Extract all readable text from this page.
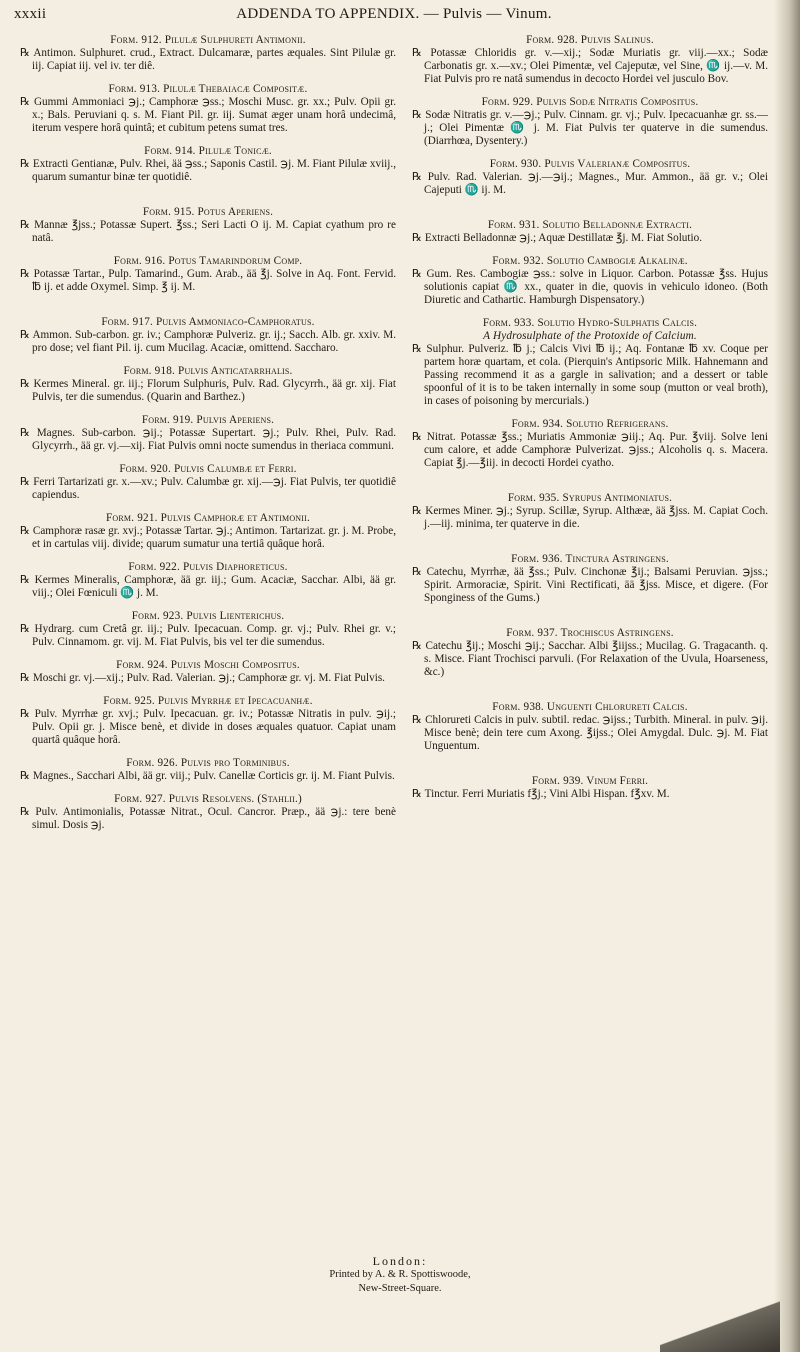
ADDENDA TO APPENDIX. — Pulvis — Vinum.
xxxii
Form. 912. Pilulæ Sulphureti Antimonii.
℞ Antimon. Sulphuret. crud., Extract. Dulcamaræ, partes æquales. Sint Pilulæ gr. iij. Capiat iij. vel iv. ter diê.
Form. 913. Pilulæ Thebaiacæ Compositæ.
℞ Gummi Ammoniaci ℈j.; Camphoræ ℈ss.; Moschi Musc. gr. xx.; Pulv. Opii gr. x.; Bals. Peruviani q. s. M. Fiant Pil. gr. iij. Sumat æger unam horâ undecimâ, iterum vespere horâ quintâ; et cubitum petens sumat tres.
Form. 914. Pilulæ Tonicæ.
℞ Extracti Gentianæ, Pulv. Rhei, ää ℈ss.; Saponis Castil. ℈j. M. Fiant Pilulæ xviij., quarum sumantur binæ ter quotidiê.
Form. 915. Potus Aperiens.
℞ Mannæ ℥jss.; Potassæ Supert. ℥ss.; Seri Lacti O ij. M. Capiat cyathum pro re natâ.
Form. 916. Potus Tamarindorum Comp.
℞ Potassæ Tartar., Pulp. Tamarind., Gum. Arab., ää ℥j. Solve in Aq. Font. Fervid. ℔ ij. et adde Oxymel. Simp. ℥ ij. M.
Form. 917. Pulvis Ammoniaco-Camphoratus.
℞ Ammon. Sub-carbon. gr. iv.; Camphoræ Pulveriz. gr. ij.; Sacch. Alb. gr. xxiv. M. pro dose; vel fiant Pil. ij. cum Mucilag. Acaciæ, omittend. Saccharo.
Form. 918. Pulvis Anticatarrhalis.
℞ Kermes Mineral. gr. iij.; Florum Sulphuris, Pulv. Rad. Glycyrrh., ää gr. xij. Fiat Pulvis, ter die sumendus. (Quarin and Barthez.)
Form. 919. Pulvis Aperiens.
℞ Magnes. Sub-carbon. ℈ij.; Potassæ Supertart. ℈j.; Pulv. Rhei, Pulv. Rad. Glycyrrh., ää gr. vj.—xij. Fiat Pulvis omni nocte sumendus in theriaca communi.
Form. 920. Pulvis Calumbæ et Ferri.
℞ Ferri Tartarizati gr. x.—xv.; Pulv. Calumbæ gr. xij.—℈j. Fiat Pulvis, ter quotidiê capiendus.
Form. 921. Pulvis Camphoræ et Antimonii.
℞ Camphoræ rasæ gr. xvj.; Potassæ Tartar. ℈j.; Antimon. Tartarizat. gr. j. M. Probe, et in cartulas viij. divide; quarum sumatur una tertiâ quâque horâ.
Form. 922. Pulvis Diaphoreticus.
℞ Kermes Mineralis, Camphoræ, ää gr. iij.; Gum. Acaciæ, Sacchar. Albi, ää gr. viij.; Olei Fœniculi ♏ j. M.
Form. 923. Pulvis Lienterichus.
℞ Hydrarg. cum Cretâ gr. iij.; Pulv. Ipecacuan. Comp. gr. vj.; Pulv. Rhei gr. v.; Pulv. Cinnamom. gr. vij. M. Fiat Pulvis, bis vel ter die sumendus.
Form. 924. Pulvis Moschi Compositus.
℞ Moschi gr. vj.—xij.; Pulv. Rad. Valerian. ℈j.; Camphoræ gr. vj. M. Fiat Pulvis.
Form. 925. Pulvis Myrrhæ et Ipecacuanhæ.
℞ Pulv. Myrrhæ gr. xvj.; Pulv. Ipecacuan. gr. iv.; Potassæ Nitratis in pulv. ℈ij.; Pulv. Opii gr. j. Misce benè, et divide in doses æquales quatuor. Capiat unam quartâ quâque horâ.
Form. 926. Pulvis pro Torminibus.
℞ Magnes., Sacchari Albi, ää gr. viij.; Pulv. Canellæ Corticis gr. ij. M. Fiant Pulvis.
Form. 927. Pulvis Resolvens. (Stahlii.)
℞ Pulv. Antimonialis, Potassæ Nitrat., Ocul. Cancror. Præp., ää ℈j.: tere benè simul. Dosis ℈j.
Form. 928. Pulvis Salinus.
℞ Potassæ Chloridis gr. v.—xij.; Sodæ Muriatis gr. viij.—xx.; Sodæ Carbonatis gr. x.—xv.; Olei Pimentæ, vel Cajeputæ, vel Sine, ♏ ij.—v. M. Fiat Pulvis pro re natâ sumendus in decocto Hordei vel jusculo Bov.
Form. 929. Pulvis Sodæ Nitratis Compositus.
℞ Sodæ Nitratis gr. v.—℈j.; Pulv. Cinnam. gr. vj.; Pulv. Ipecacuanhæ gr. ss.—j.; Olei Pimentæ ♏ j. M. Fiat Pulvis ter quaterve in die sumendus. (Diarrhœa, Dysentery.)
Form. 930. Pulvis Valerianæ Compositus.
℞ Pulv. Rad. Valerian. ℈j.—℈ij.; Magnes., Mur. Ammon., ää gr. v.; Olei Cajeputi ♏ ij. M.
Form. 931. Solutio Belladonnæ Extracti.
℞ Extracti Belladonnæ ℈j.; Aquæ Destillatæ ℥j. M. Fiat Solutio.
Form. 932. Solutio Cambogiæ Alkalinæ.
℞ Gum. Res. Cambogiæ ℈ss.: solve in Liquor. Carbon. Potassæ ℥ss. Hujus solutionis capiat ♏ xx., quater in die, quovis in vehiculo idoneo. (Both Diuretic and Cathartic. Hamburgh Dispensatory.)
Form. 933. Solutio Hydro-Sulphatis Calcis.
A Hydrosulphate of the Protoxide of Calcium.
℞ Sulphur. Pulveriz. ℔ j.; Calcis Vivi ℔ ij.; Aq. Fontanæ ℔ xv. Coque per partem horæ quartam, et cola. (Pierquin's Antipsoric Milk. Hahnemann and Passing recommend it as a gargle in salivation; and a dessert or table spoonful of it is to be taken internally in some soup (mutton or veal broth), in cases of poisoning by mercurials.)
Form. 934. Solutio Refrigerans.
℞ Nitrat. Potassæ ℥ss.; Muriatis Ammoniæ ℈iij.; Aq. Pur. ℥viij. Solve leni cum calore, et adde Camphoræ Pulverizat. ℈jss.; Alcoholis q. s. Macera. Capiat ℥j.—℥iij. in decocti Hordei cyatho.
Form. 935. Syrupus Antimoniatus.
℞ Kermes Miner. ℈j.; Syrup. Scillæ, Syrup. Althææ, ää ℥jss. M. Capiat Coch. j.—iij. minima, ter quaterve in die.
Form. 936. Tinctura Astringens.
℞ Catechu, Myrrhæ, ää ℥ss.; Pulv. Cinchonæ ℥ij.; Balsami Peruvian. ℈jss.; Spirit. Armoraciæ, Spirit. Vini Rectificati, ää ℥jss. Misce, et digere. (For Sponginess of the Gums.)
Form. 937. Trochiscus Astringens.
℞ Catechu ℥ij.; Moschi ℈ij.; Sacchar. Albi ℥iijss.; Mucilag. G. Tragacanth. q. s. Misce. Fiant Trochisci parvuli. (For Relaxation of the Uvula, Hoarseness, &c.)
Form. 938. Unguenti Chlorureti Calcis.
℞ Chlorureti Calcis in pulv. subtil. redac. ℈ijss.; Turbith. Mineral. in pulv. ℈ij. Misce benè; dein tere cum Axong. ℥ijss.; Olei Amygdal. Dulc. ℈j. M. Fiat Unguentum.
Form. 939. Vinum Ferri.
℞ Tinctur. Ferri Muriatis f℥j.; Vini Albi Hispan. f℥xv. M.
London:
Printed by A. & R. Spottiswoode,
New-Street-Square.
